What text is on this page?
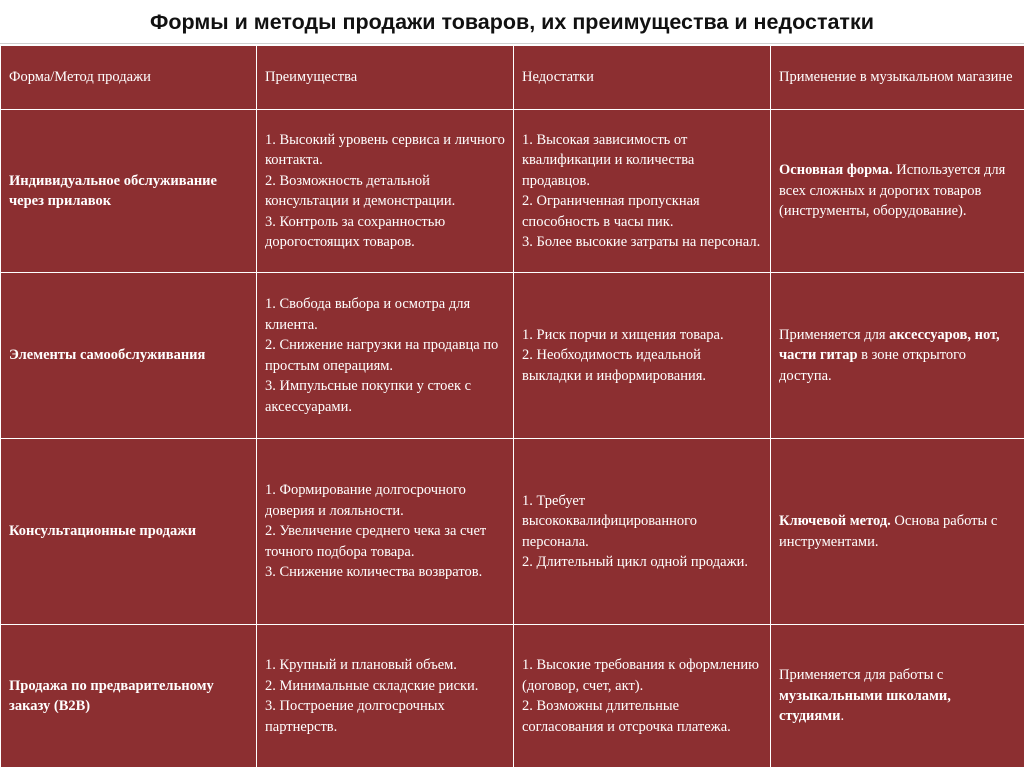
Формы и методы продажи товаров, их преимущества и недостатки
Форма/Метод продажи	Преимущества	Недостатки	Применение в музыкальном магазине
Индивидуальное обслуживание через прилавок	1. Высокий уровень сервиса и личного контакта.
2. Возможность детальной консультации и демонстрации.
3. Контроль за сохранностью дорогостоящих товаров.	1. Высокая зависимость от квалификации и количества продавцов.
2. Ограниченная пропускная способность в часы пик.
3. Более высокие затраты на персонал.	Основная форма. Используется для всех сложных и дорогих товаров (инструменты, оборудование).
Элементы самообслуживания	1. Свобода выбора и осмотра для клиента.
2. Снижение нагрузки на продавца по простым операциям.
3. Импульсные покупки у стоек с аксессуарами.	1. Риск порчи и хищения товара.
2. Необходимость идеальной выкладки и информирования.	Применяется для аксессуаров, нот, части гитар в зоне открытого доступа.
Консультационные продажи	1. Формирование долгосрочного доверия и лояльности.
2. Увеличение среднего чека за счет точного подбора товара.
3. Снижение количества возвратов.	1. Требует высококвалифицированного персонала.
2. Длительный цикл одной продажи.	Ключевой метод. Основа работы с инструментами.
Продажа по предварительному заказу (B2B)	1. Крупный и плановый объем.
2. Минимальные складские риски.
3. Построение долгосрочных партнерств.	1. Высокие требования к оформлению (договор, счет, акт).
2. Возможны длительные согласования и отсрочка платежа.	Применяется для работы с музыкальными школами, студиями.
